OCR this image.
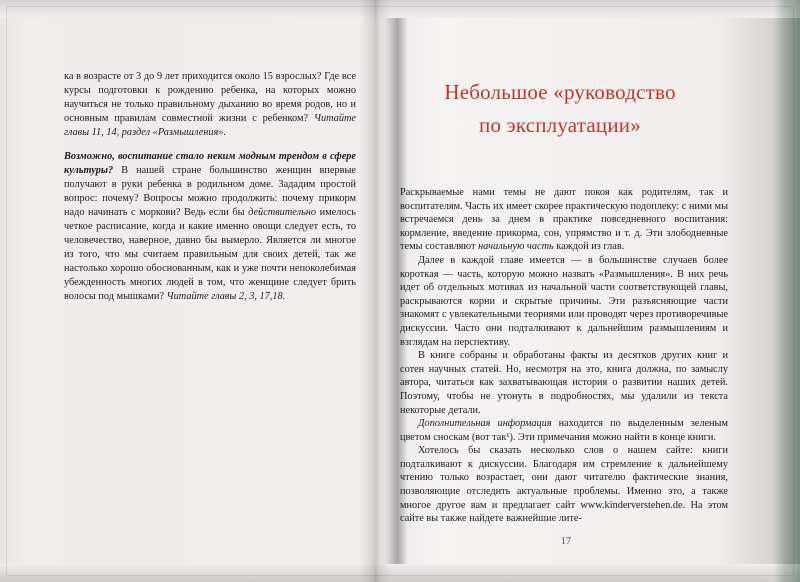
ка в возрасте от 3 до 9 лет приходится около 15 взрослых? Где все курсы подготовки к рождению ребенка, на которых можно научиться не только правильному дыханию во время родов, но и основным правилам совместной жизни с ребенком? Читайте главы 11, 14, раздел «Размышления».

Возможно, воспитание стало неким модным трендом в сфере культуры? В нашей стране большинство женщин впервые получают в руки ребенка в родильном доме. Зададим простой вопрос: почему? Вопросы можно продолжить: почему прикорм надо начинать с моркови? Ведь если бы действительно имелось четкое расписание, когда и какие именно овощи следует есть, то человечество, наверное, давно бы вымерло. Является ли многое из того, что мы считаем правильным для своих детей, так же настолько хорошо обоснованным, как и уже почти непоколебимая убежденность многих людей в том, что женщине следует брить волосы под мышками? Читайте главы 2, 3, 17,18.

Небольшое «руководство
по эксплуатации»

Раскрываемые нами темы не дают покоя как родителям, так и воспитателям. Часть их имеет скорее практическую подоплеку: с ними мы встречаемся день за днем в практике повседневного воспитания: кормление, введение прикорма, сон, упрямство и т. д. Эти злободневные темы составляют начальную часть каждой из глав.

Далее в каждой главе имеется — в большинстве случаев более короткая — часть, которую можно назвать «Размышления». В них речь идет об отдельных мотивах из начальной части соответствующей главы, раскрываются корни и скрытые причины. Эти разъясняющие части знакомят с увлекательными теориями или проводят через противоречивые дискуссии. Часто они подталкивают к дальнейшим размышлениям и взглядам на перспективу.

В книге собраны и обработаны факты из десятков других книг и сотен научных статей. Но, несмотря на это, книга должна, по замыслу автора, читаться как захватывающая история о развитии наших детей. Поэтому, чтобы не утонуть в подробностях, мы удалили из текста некоторые детали.

Дополнительная информация находится по выделенным зеленым цветом сноскам (вот так¹). Эти примечания можно найти в конце книги.

Хотелось бы сказать несколько слов о нашем сайте: книги подталкивают к дискуссии. Благодаря им стремление к дальнейшему чтению только возрастает, они дают читателю фактические знания, позволяющие отследить актуальные проблемы. Именно это, а также многое другое вам и предлагает сайт www.kinderverstehen.de. На этом сайте вы также найдете важнейшие лите-

17
